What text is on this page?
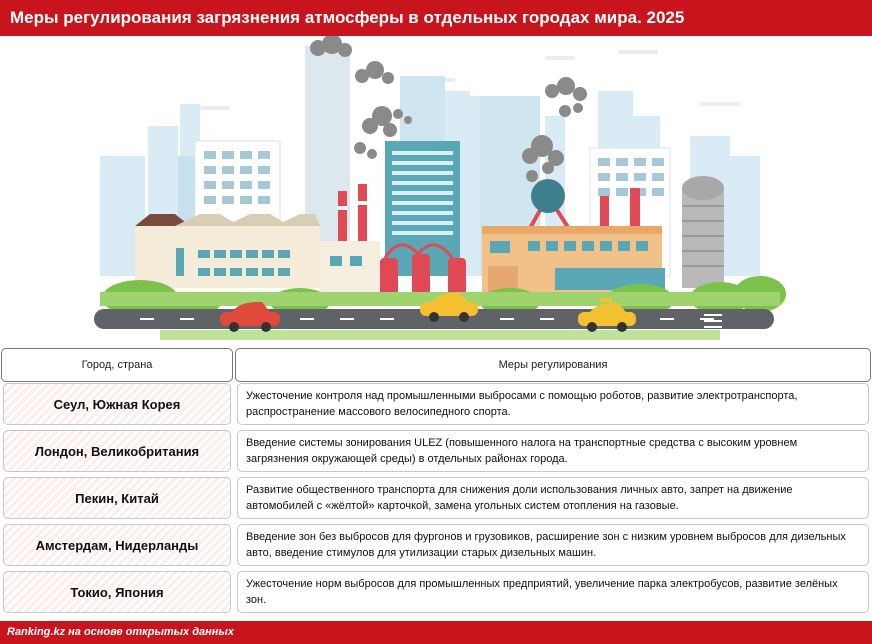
Меры регулирования загрязнения атмосферы в отдельных городах мира. 2025
Город, страна	Меры регулирования
Сеул, Южная Корея
Ужесточение контроля над промышленными выбросами с помощью роботов, развитие электротранспорта, распространение массового велосипедного спорта.
Лондон, Великобритания
Введение системы зонирования ULEZ (повышенного налога на транспортные средства с высоким уровнем загрязнения окружающей среды) в отдельных районах города.
Пекин, Китай
Развитие общественного транспорта для снижения доли использования личных авто, запрет на движение автомобилей с «жёлтой» карточкой, замена угольных систем отопления на газовые.
Амстердам, Нидерланды
Введение зон без выбросов для фургонов и грузовиков, расширение зон с низким уровнем выбросов для дизельных авто, введение стимулов для утилизации старых дизельных машин.
Токио, Япония
Ужесточение норм выбросов для промышленных предприятий, увеличение парка электробусов, развитие зелёных зон.
Ranking.kz на основе открытых данных
